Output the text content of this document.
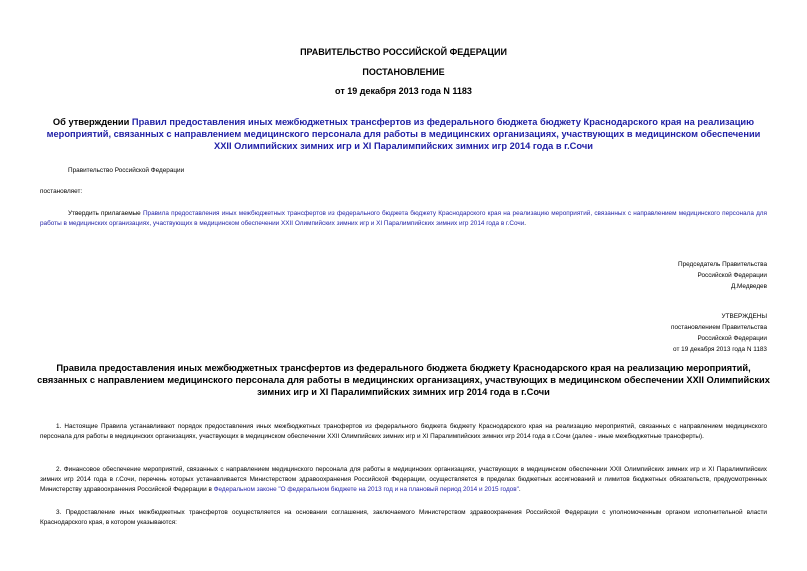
ПРАВИТЕЛЬСТВО РОССИЙСКОЙ ФЕДЕРАЦИИ

ПОСТАНОВЛЕНИЕ

от 19 декабря 2013 года N 1183

Об утверждении Правил предоставления иных межбюджетных трансфертов из федерального бюджета бюджету Краснодарского края на реализацию мероприятий, связанных с направлением медицинского персонала для работы в медицинских организациях, участвующих в медицинском обеспечении XXII Олимпийских зимних игр и XI Паралимпийских зимних игр 2014 года в г.Сочи

Правительство Российской Федерации

постановляет:

Утвердить прилагаемые Правила предоставления иных межбюджетных трансфертов из федерального бюджета бюджету Краснодарского края на реализацию мероприятий, связанных с направлением медицинского персонала для работы в медицинских организациях, участвующих в медицинском обеспечении XXII Олимпийских зимних игр и XI Паралимпийских зимних игр 2014 года в г.Сочи.

Председатель Правительства
Российской Федерации
Д.Медведев
УТВЕРЖДЕНЫ
постановлением Правительства
Российской Федерации
от 19 декабря 2013 года N 1183

Правила предоставления иных межбюджетных трансфертов из федерального бюджета бюджету Краснодарского края на реализацию мероприятий, связанных с направлением медицинского персонала для работы в медицинских организациях, участвующих в медицинском обеспечении XXII Олимпийских зимних игр и XI Паралимпийских зимних игр 2014 года в г.Сочи

1. Настоящие Правила устанавливают порядок предоставления иных межбюджетных трансфертов из федерального бюджета бюджету Краснодарского края на реализацию мероприятий, связанных с направлением медицинского персонала для работы в медицинских организациях, участвующих в медицинском обеспечении XXII Олимпийских зимних игр и XI Паралимпийских зимних игр 2014 года в г.Сочи (далее - иные межбюджетные трансферты).

2. Финансовое обеспечение мероприятий, связанных с направлением медицинского персонала для работы в медицинских организациях, участвующих в медицинском обеспечении XXII Олимпийских зимних игр и XI Паралимпийских зимних игр 2014 года в г.Сочи, перечень которых устанавливается Министерством здравоохранения Российской Федерации, осуществляется в пределах бюджетных ассигнований и лимитов бюджетных обязательств, предусмотренных Министерству здравоохранения Российской Федерации в Федеральном законе "О федеральном бюджете на 2013 год и на плановый период 2014 и 2015 годов".

3. Предоставление иных межбюджетных трансфертов осуществляется на основании соглашения, заключаемого Министерством здравоохранения Российской Федерации с уполномоченным органом исполнительной власти Краснодарского края, в котором указываются:
